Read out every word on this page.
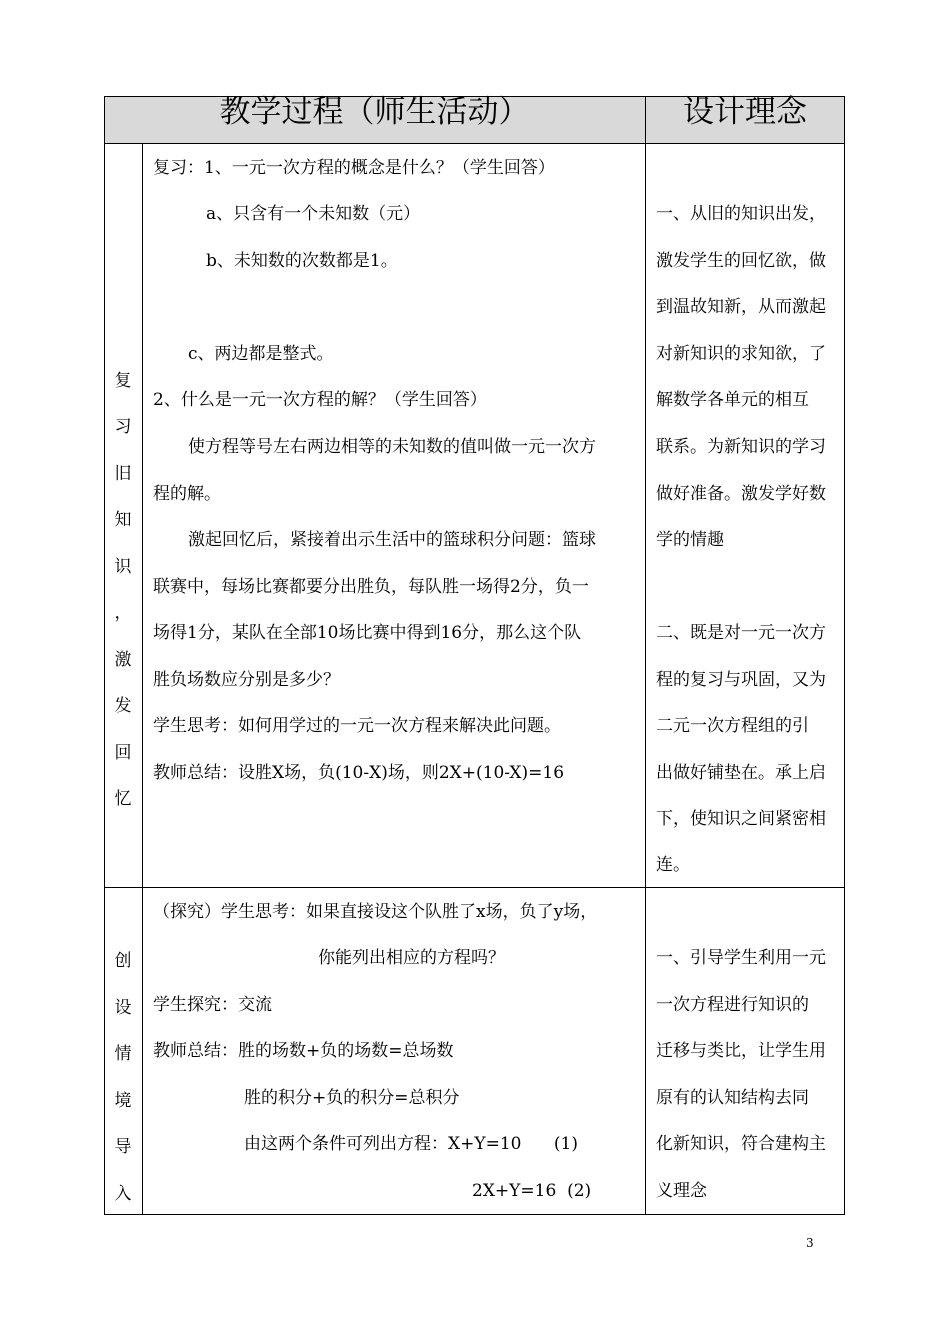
教学过程（师生活动）	设计理念
复
习
旧
知
识
，
激
发
回
忆
复习：1、一元一次方程的概念是什么？（学生回答）
a、只含有一个未知数（元）
b、未知数的次数都是1。
c、两边都是整式。
2、什么是一元一次方程的解？（学生回答）
使方程等号左右两边相等的未知数的值叫做一元一次方
程的解。
激起回忆后，紧接着出示生活中的篮球积分问题：篮球
联赛中，每场比赛都要分出胜负，每队胜一场得2分，负一
场得1分，某队在全部10场比赛中得到16分，那么这个队
胜负场数应分别是多少？
学生思考：如何用学过的一元一次方程来解决此问题。
教师总结：设胜X场，负(10-X)场，则2X+(10-X)=16
一、从旧的知识出发，
激发学生的回忆欲，做
到温故知新，从而激起
对新知识的求知欲，了
解数学各单元的相互
联系。为新知识的学习
做好准备。激发学好数
学的情趣
二、既是对一元一次方
程的复习与巩固，又为
二元一次方程组的引
出做好铺垫在。承上启
下，使知识之间紧密相
连。
创
设
情
境
导
入
（探究）学生思考：如果直接设这个队胜了x场，负了y场，
你能列出相应的方程吗？
学生探究：交流
教师总结：胜的场数+负的场数=总场数
胜的积分+负的积分=总积分
由这两个条件可列出方程：X+Y=10      (1)
2X+Y=16  (2)
一、引导学生利用一元
一次方程进行知识的
迁移与类比，让学生用
原有的认知结构去同
化新知识，符合建构主
义理念
3
